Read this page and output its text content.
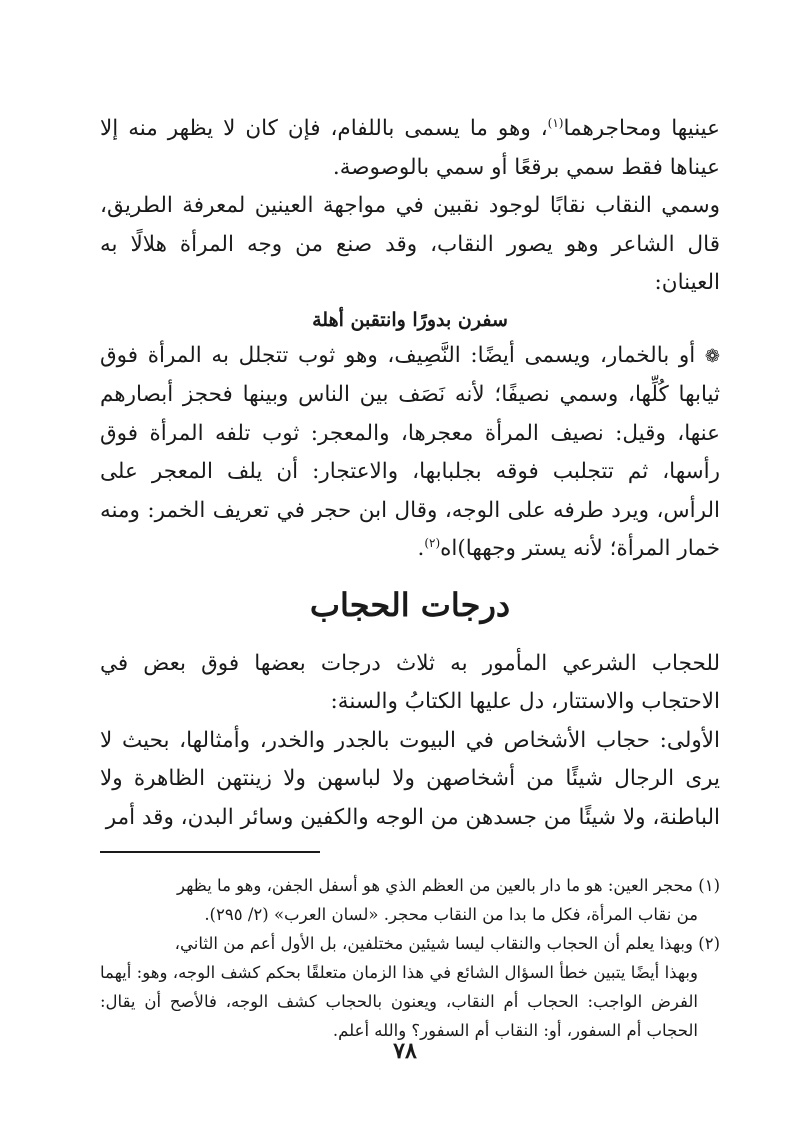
عينيها ومحاجرهما$^{(١)}$، وهو ما يسمى باللفام، فإن كان لا يظهر منه إلا عيناها فقط سمي برقعًا أو سمي بالوصوصة.

وسمي النقاب نقابًا لوجود نقبين في مواجهة العينين لمعرفة الطريق، قال الشاعر وهو يصور النقاب، وقد صنع من وجه المرأة هلالًا به العينان:

سفرن بدورًا وانتقبن أهلة

❁ أو بالخمار، ويسمى أيضًا: النَّصِيف، وهو ثوب تتجلل به المرأة فوق ثيابها كُلِّها، وسمي نصيفًا؛ لأنه نَصَف بين الناس وبينها فحجز أبصارهم عنها، وقيل: نصيف المرأة معجرها، والمعجر: ثوب تلفه المرأة فوق رأسها، ثم تتجلبب فوقه بجلبابها، والاعتجار: أن يلف المعجر على الرأس، ويرد طرفه على الوجه، وقال ابن حجر في تعريف الخمر: ومنه خمار المرأة؛ لأنه يستر وجهها)اه$^{(٢)}$.

درجات الحجاب

للحجاب الشرعي المأمور به ثلاث درجات بعضها فوق بعض في الاحتجاب والاستتار، دل عليها الكتابُ والسنة:

الأولى: حجاب الأشخاص في البيوت بالجدر والخدر، وأمثالها، بحيث لا يرى الرجال شيئًا من أشخاصهن ولا لباسهن ولا زينتهن الظاهرة ولا الباطنة، ولا شيئًا من جسدهن من الوجه والكفين وسائر البدن، وقد أمر

(١) محجر العين: هو ما دار بالعين من العظم الذي هو أسفل الجفن، وهو ما يظهر
من نقاب المرأة، فكل ما بدا من النقاب محجر. «لسان العرب» (٢/ ٢٩٥).
(٢) وبهذا يعلم أن الحجاب والنقاب ليسا شيئين مختلفين، بل الأول أعم من الثاني،
وبهذا أيضًا يتبين خطأ السؤال الشائع في هذا الزمان متعلقًا بحكم كشف الوجه، وهو: أيهما الفرض الواجب: الحجاب أم النقاب، ويعنون بالحجاب كشف الوجه، فالأصح أن يقال: الحجاب أم السفور، أو: النقاب أم السفور؟ والله أعلم.
٧٨
